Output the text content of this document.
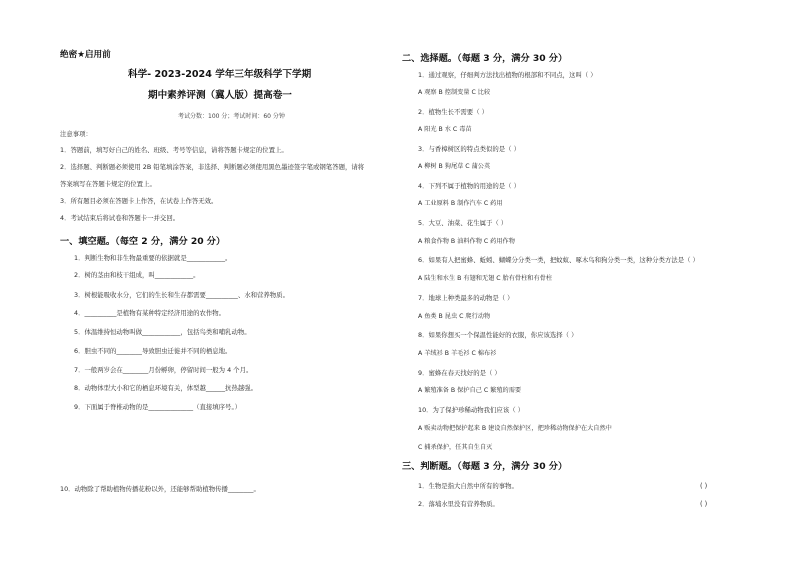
绝密★启用前
科学- 2023-2024 学年三年级科学下学期
期中素养评测（冀人版）提高卷一
考试分数：100 分；考试时间：60 分钟
注意事项：
1．答题前，填写好自己的姓名、班级、考号等信息，请将答题卡规定的位置上。
2．选择题、判断题必须使用 2B 铅笔填涂答案，非选择、判断题必须使用黑色墨迹签字笔或钢笔答题，请将
答案填写在答题卡规定的位置上。
3．所有题目必须在答题卡上作答，在试卷上作答无效。
4．考试结束后将试卷和答题卡一并交回。
一、填空题。（每空 2 分，满分 20 分）
1．判断生物和非生物最重要的依据就是____________。
2．树的茎由和枝干组成，叫____________。
3．树根能吸收水分，它们的生长和生存都需要__________、水和营养物质。
4．__________是植物有某种特定经济用途的农作物。
5．体温维持恒动物叫做____________，包括鸟类和哺乳动物。
6．胆虫不同的________导致胆虫迁徙并不同的栖息地。
7．一般两岁会在________月份孵卵，停留时间一般为 4 个月。
8．动物体型大小和它的栖息环境有关，体型越______抗热越强。
9．下面属于脊椎动物的是______________（直接填序号。）
10．动物除了帮助植物传播花粉以外，还能够帮助植物传播________。
二、选择题。（每题 3 分，满分 30 分）
1．通过观察，仔细判方法找出植物的根部和不同点，这叫（ ）
A 观察 B 控制变量 C 比较
2．植物生长不需要（ ）
A 阳光 B 水 C 毒苗
3．与香樟树区的特点类似的是（ ）
A 柳树 B 狗尾草 C 蒲公英
4．下列不属于植物的用途的是（ ）
A 工业原料 B 制作汽车 C 药用
5．大豆、油菜、花生属于（ ）
A 粮食作物 B 油料作物 C 药用作物
6．如果有人把蜜蜂、蚯蚓、蝴蝶分分类一类，把蚊蚁、啄木鸟和狗分类一类，这种分类方法是（ ）
A 陆生和水生 B 有翅和无翅 C 胎有骨柱和有骨柱
7．地球上种类最多的动物是（ ）
A 鱼类 B 昆虫 C 爬行动物
8．如果你想买一个保温性能好的衣服，你应该选择（ ）
A 羊绒衫 B 羊毛衫 C 棉布衫
9．蜜蜂在春天找好的是（ ）
A 繁殖准备 B 保护自己 C 繁殖的需要
10．为了保护珍稀动物我们应该（ ）
A 贩卖动物把保护起来 B 建设自然保护区，把珍稀动物保护在大自然中
C 捕杀保护，任其自生自灭
三、判断题。（每题 3 分，满分 30 分）
1．生物是指大自然中所有的事物。	( )
2．落埔水里没有营养物质。	( )
